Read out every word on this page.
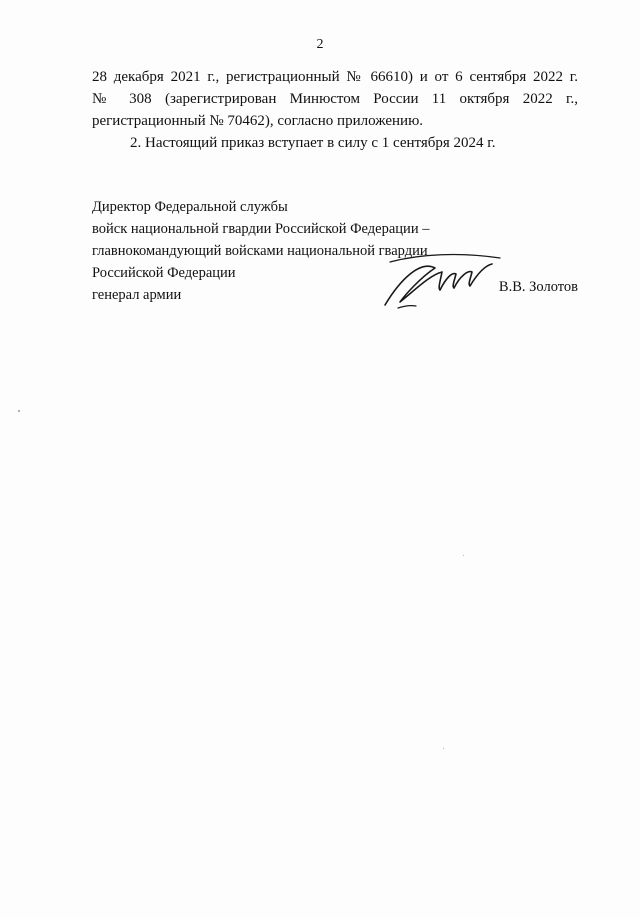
2

28 декабря 2021 г., регистрационный № 66610) и от 6 сентября 2022 г.
№ 308 (зарегистрирован Минюстом России 11 октября 2022 г.,
регистрационный № 70462), согласно приложению.

2. Настоящий приказ вступает в силу с 1 сентября 2024 г.

Директор Федеральной службы
войск национальной гвардии Российской Федерации –
главнокомандующий войсками национальной гвардии
Российской Федерации
генерал армии	В.В. Золотов
